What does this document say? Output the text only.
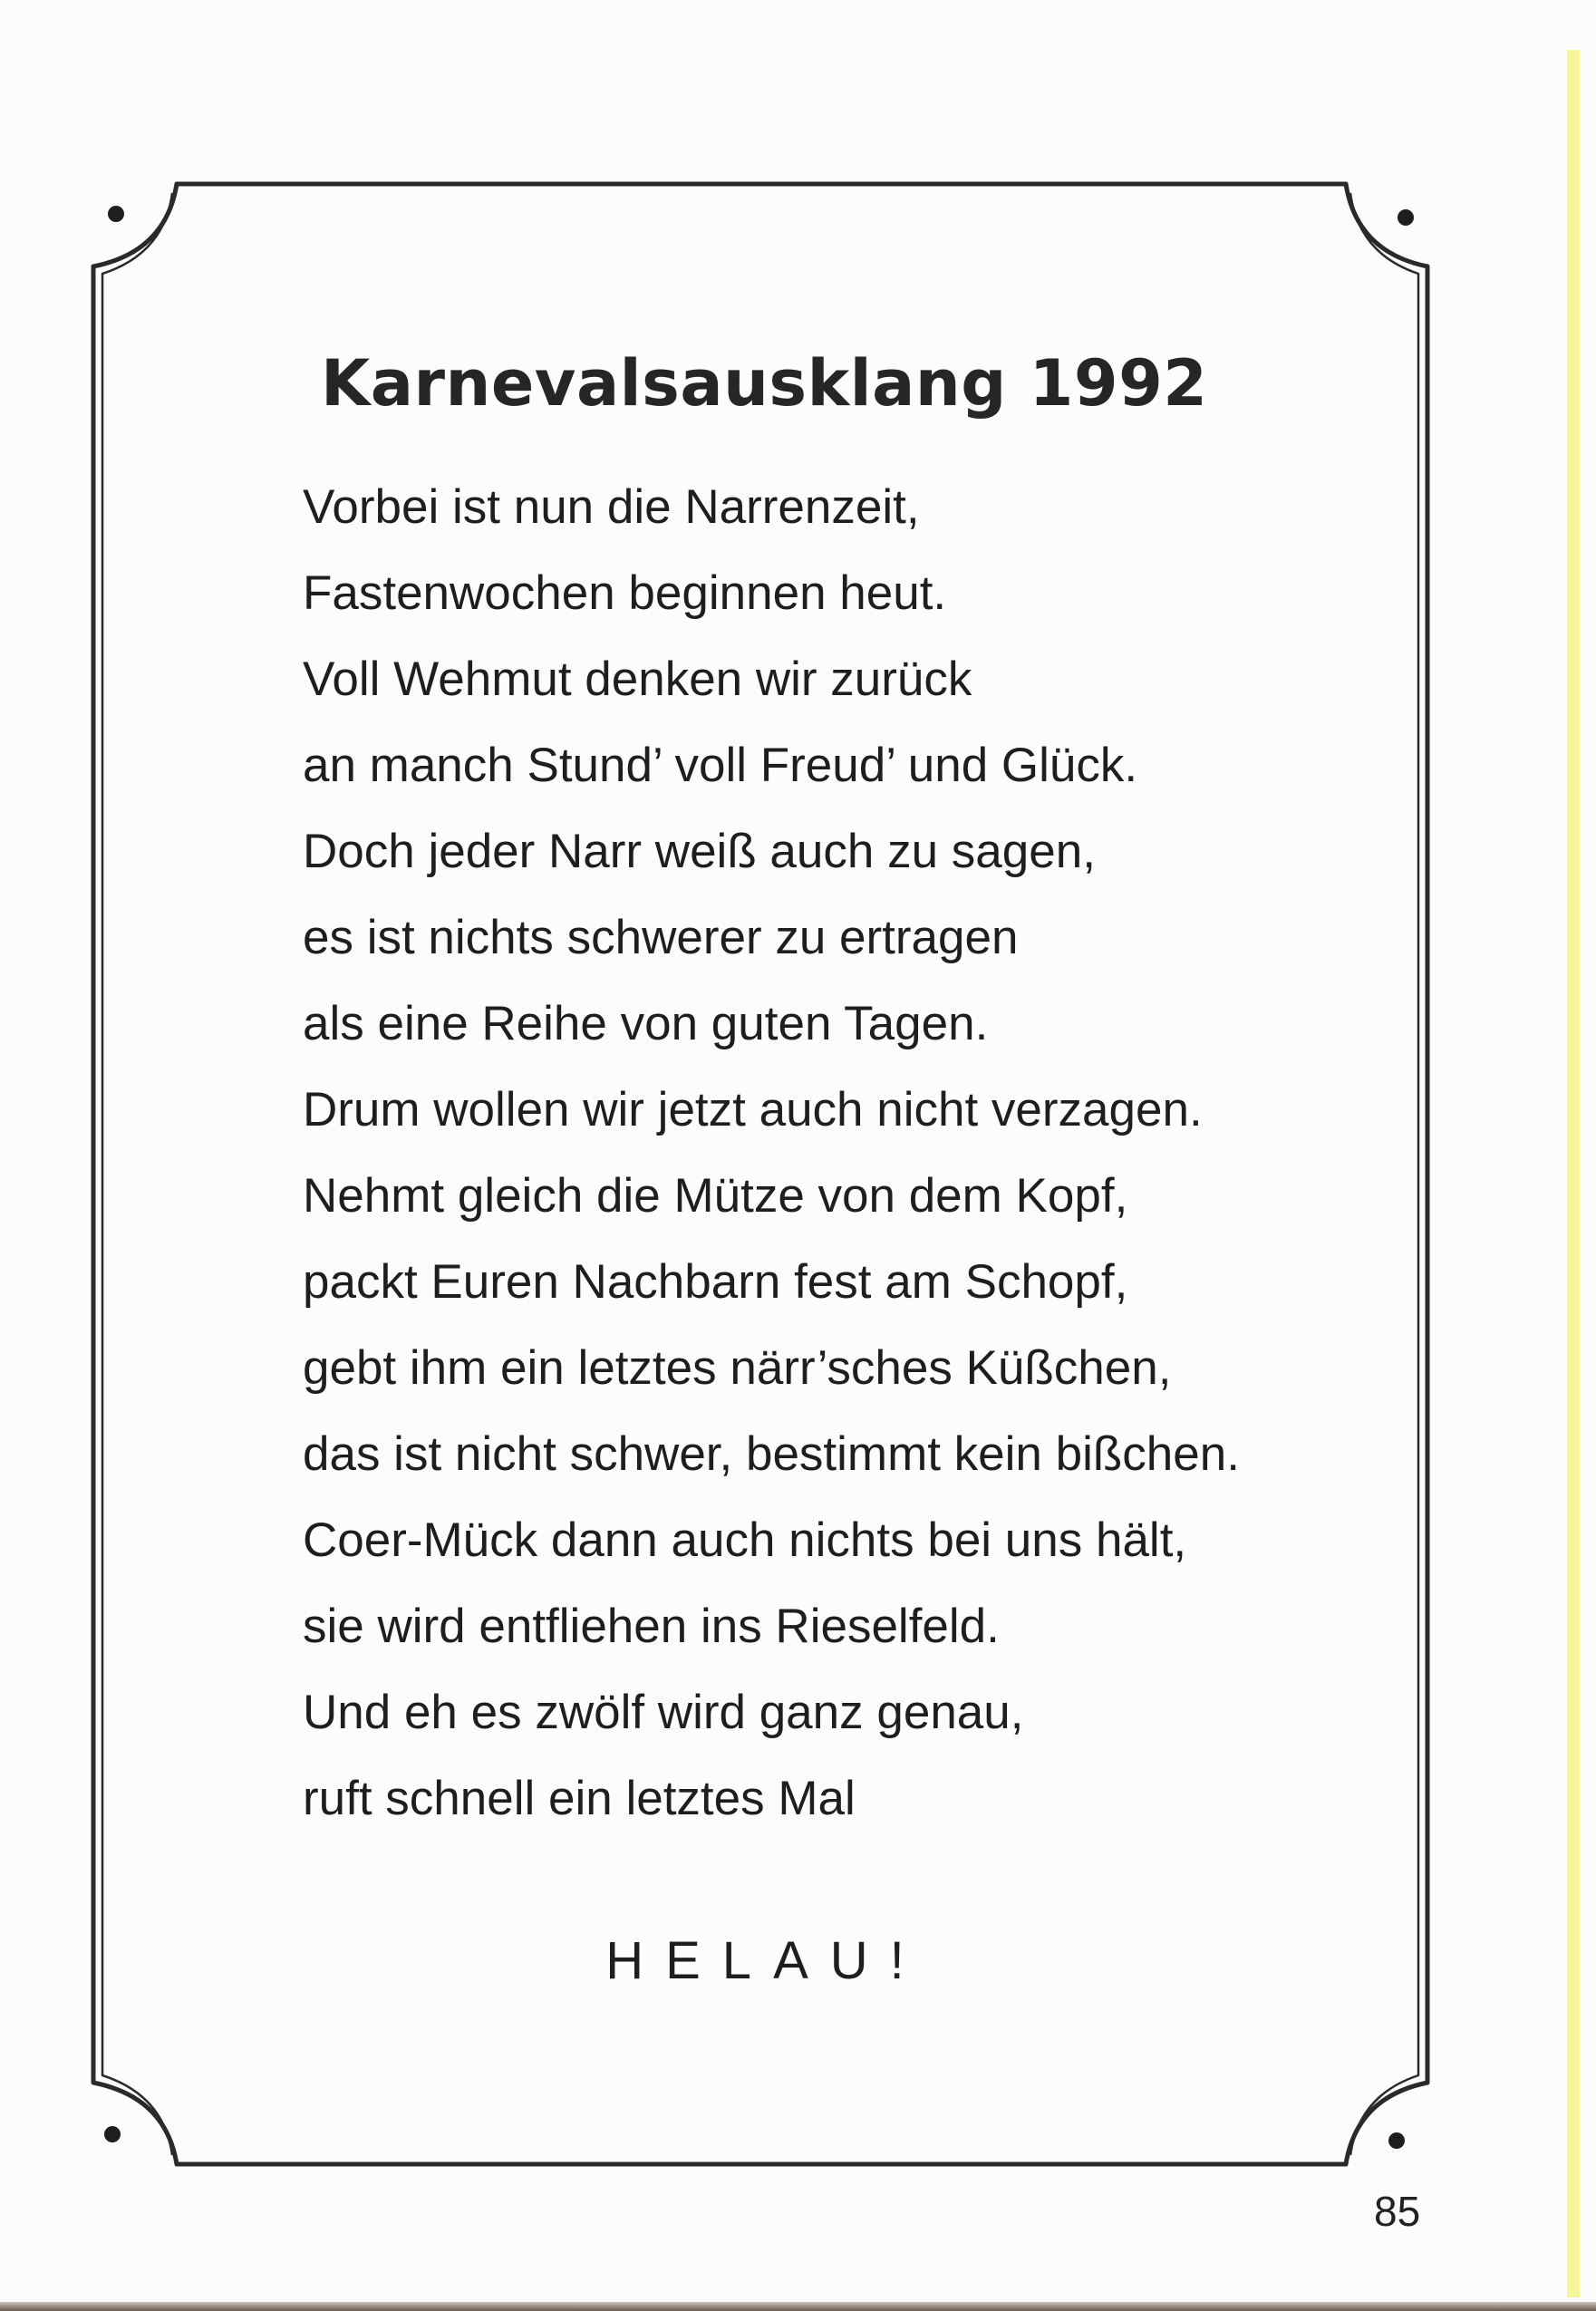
Karnevalsausklang 1992
Vorbei ist nun die Narrenzeit,
Fastenwochen beginnen heut.
Voll Wehmut denken wir zurück
an manch Stund’ voll Freud’ und Glück.
Doch jeder Narr weiß auch zu sagen,
es ist nichts schwerer zu ertragen
als eine Reihe von guten Tagen.
Drum wollen wir jetzt auch nicht verzagen.
Nehmt gleich die Mütze von dem Kopf,
packt Euren Nachbarn fest am Schopf,
gebt ihm ein letztes närr’sches Küßchen,
das ist nicht schwer, bestimmt kein bißchen.
Coer-Mück dann auch nichts bei uns hält,
sie wird entfliehen ins Rieselfeld.
Und eh es zwölf wird ganz genau,
ruft schnell ein letztes Mal
HELAU!
85
